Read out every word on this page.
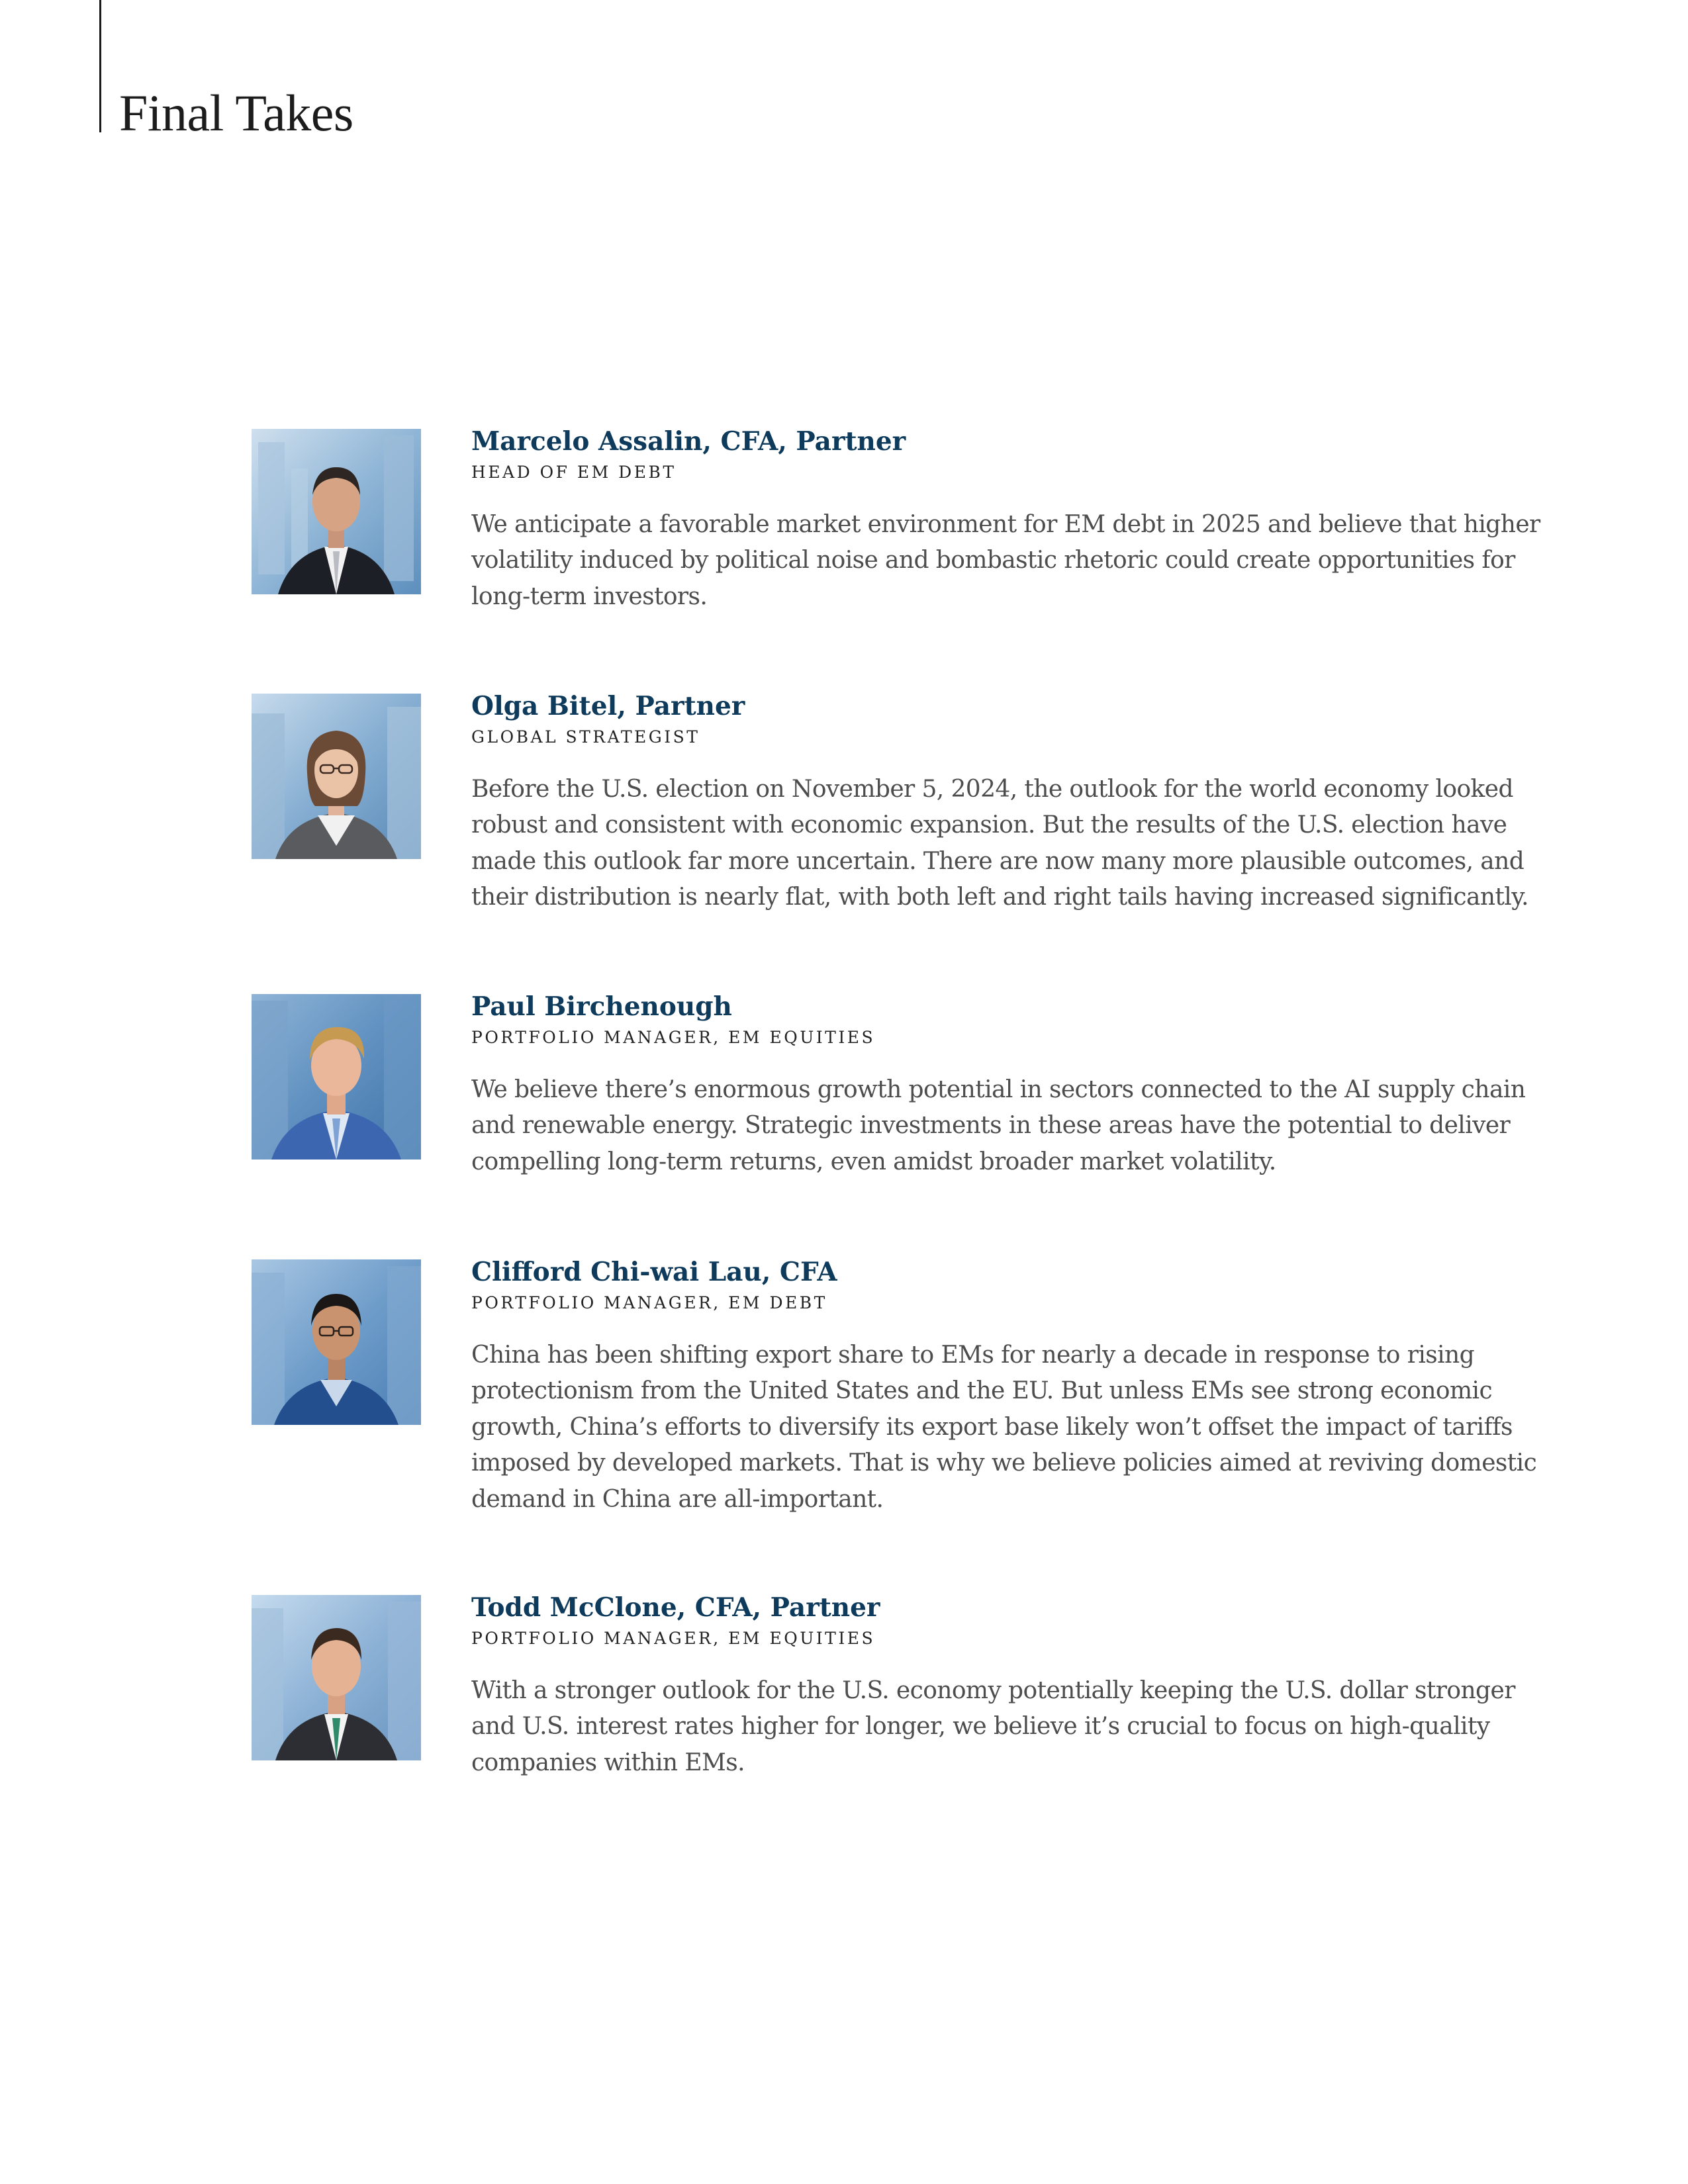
Final Takes

Marcelo Assalin, CFA, Partner

HEAD OF EM DEBT

We anticipate a favorable market environment for EM debt in 2025 and believe that higher volatility induced by political noise and bombastic rhetoric could create opportunities for long-term investors.

Olga Bitel, Partner

GLOBAL STRATEGIST

Before the U.S. election on November 5, 2024, the outlook for the world economy looked robust and consistent with economic expansion. But the results of the U.S. election have made this outlook far more uncertain. There are now many more plausible outcomes, and their distribution is nearly flat, with both left and right tails having increased significantly.

Paul Birchenough

PORTFOLIO MANAGER, EM EQUITIES

We believe there’s enormous growth potential in sectors connected to the AI supply chain and renewable energy. Strategic investments in these areas have the potential to deliver compelling long-term returns, even amidst broader market volatility.

Clifford Chi-wai Lau, CFA

PORTFOLIO MANAGER, EM DEBT

China has been shifting export share to EMs for nearly a decade in response to rising protectionism from the United States and the EU. But unless EMs see strong economic growth, China’s efforts to diversify its export base likely won’t offset the impact of tariffs imposed by developed markets. That is why we believe policies aimed at reviving domestic demand in China are all-important.

Todd McClone, CFA, Partner

PORTFOLIO MANAGER, EM EQUITIES

With a stronger outlook for the U.S. economy potentially keeping the U.S. dollar stronger and U.S. interest rates higher for longer, we believe it’s crucial to focus on high-quality companies within EMs.
